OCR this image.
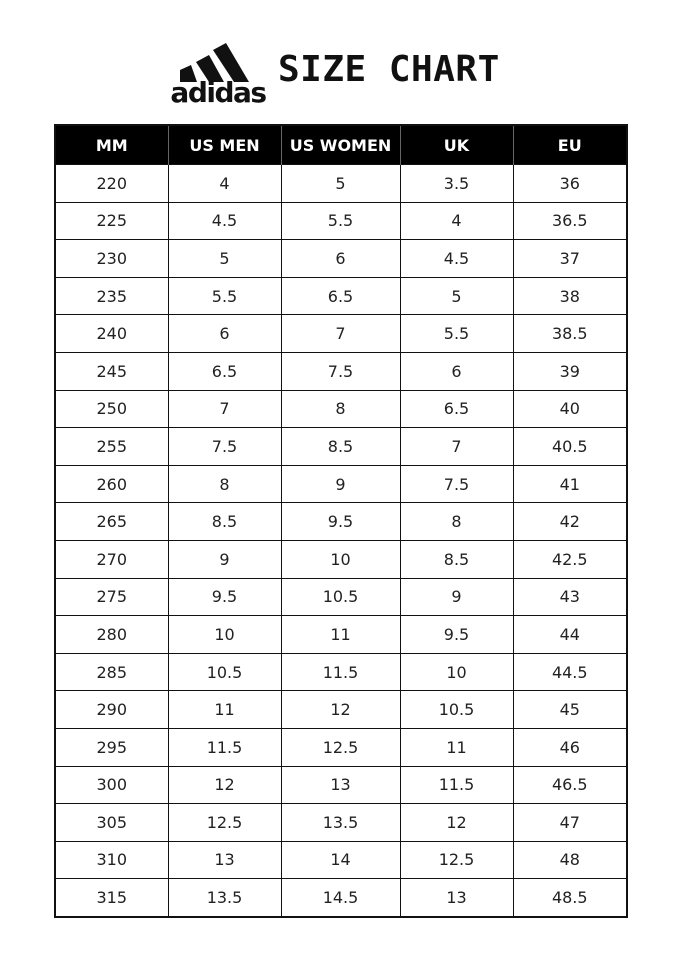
adidas
SIZE CHART
MM	US MEN	US WOMEN	UK	EU
220	4	5	3.5	36
225	4.5	5.5	4	36.5
230	5	6	4.5	37
235	5.5	6.5	5	38
240	6	7	5.5	38.5
245	6.5	7.5	6	39
250	7	8	6.5	40
255	7.5	8.5	7	40.5
260	8	9	7.5	41
265	8.5	9.5	8	42
270	9	10	8.5	42.5
275	9.5	10.5	9	43
280	10	11	9.5	44
285	10.5	11.5	10	44.5
290	11	12	10.5	45
295	11.5	12.5	11	46
300	12	13	11.5	46.5
305	12.5	13.5	12	47
310	13	14	12.5	48
315	13.5	14.5	13	48.5
